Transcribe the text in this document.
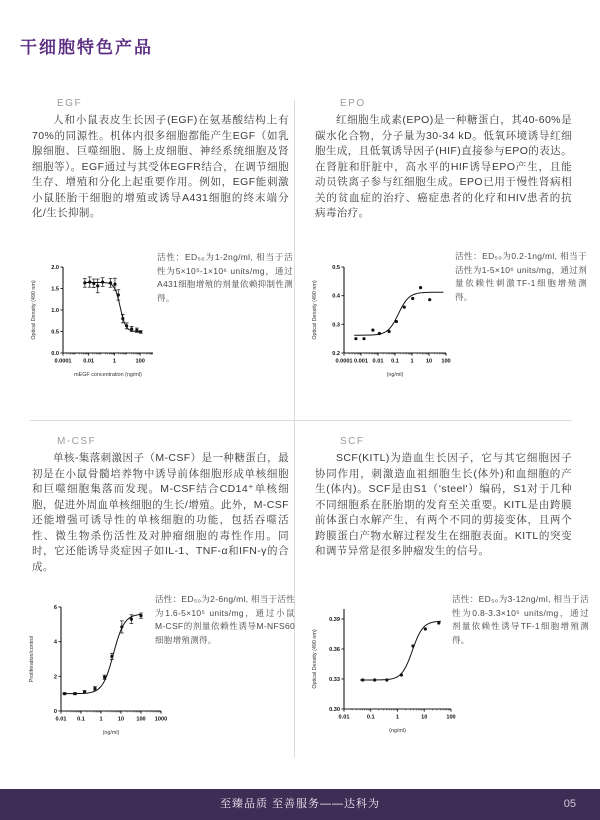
干细胞特色产品
EGF
人和小鼠表皮生长因子(EGF)在氨基酸结构上有70%的同源性。机体内很多细胞都能产生EGF（如乳腺细胞、巨噬细胞、肠上皮细胞、神经系统细胞及肾细胞等）。EGF通过与其受体EGFR结合，在调节细胞生存、增殖和分化上起重要作用。例如，EGF能刺激小鼠胚胎干细胞的增殖或诱导A431细胞的终末端分化/生长抑制。
0.0
0.5
1.0
1.5
2.0
0.0001 0.01	1	100
mEGF concentration (ng/ml)
Optical Density (490 nm)
活性：ED₅₀为1-2ng/ml, 相当于活性为5×10⁵-1×10⁶ units/mg，通过A431细胞增殖的剂量依赖抑制性测得。
EPO
红细胞生成素(EPO)是一种糖蛋白，其40-60%是碳水化合物，分子量为30-34 kD。低氧环境诱导红细胞生成，且低氧诱导因子(HIF)直接参与EPO的表达。在肾脏和肝脏中，高水平的HIF诱导EPO产生，且能动员铁离子参与红细胞生成。EPO已用于慢性肾病相关的贫血症的治疗、癌症患者的化疗和HIV患者的抗病毒治疗。
0.2
0.3
0.4
0.5
0.0001 0.001 0.01 0.1 1 10 100
(ng/ml)
Optical Density (490 nm)
活性：ED₅₀为0.2-1ng/ml, 相当于活性为1-5×10⁶ units/mg，通过剂量依赖性刺激TF-1细胞增殖测得。
M-CSF
单核-集落刺激因子（M-CSF）是一种糖蛋白，最初是在小鼠骨髓培养物中诱导前体细胞形成单核细胞和巨噬细胞集落而发现。M-CSF结合CD14⁺单核细胞，促进外周血单核细胞的生长/增殖。此外，M-CSF还能增强可诱导性的单核细胞的功能，包括吞噬活性、微生物杀伤活性及对肿瘤细胞的毒性作用。同时，它还能诱导炎症因子如IL-1、TNF-α和IFN-γ的合成。
0
2
4
6
0.01 0.1	1	10 100 1000
(ng/ml)
Proliferation/control
活性：ED₅₀为2-6ng/ml, 相当于活性为1.6-5×10⁵ units/mg，通过小鼠M-CSF的剂量依赖性诱导M-NFS60细胞增殖测得。
SCF
SCF(KITL)为造血生长因子，它与其它细胞因子协同作用，刺激造血祖细胞生长(体外)和血细胞的产生(体内)。SCF是由S1（'steel'）编码，S1对于几种不同细胞系在胚胎期的发育至关重要。KITL是由跨膜前体蛋白水解产生，有两个不同的剪接变体，且两个跨膜蛋白产物水解过程发生在细胞表面。KITL的突变和调节异常是很多肿瘤发生的信号。
0.30
0.33
0.36
0.39
0.01	0.1	1	10	100
(ng/ml)
Optical Density (490 nm)
活性：ED₅₀为3-12ng/ml, 相当于活性为0.8-3.3×10⁵ units/mg，通过剂量依赖性诱导TF-1细胞增殖测得。
至臻品质 至善服务——达科为	05
